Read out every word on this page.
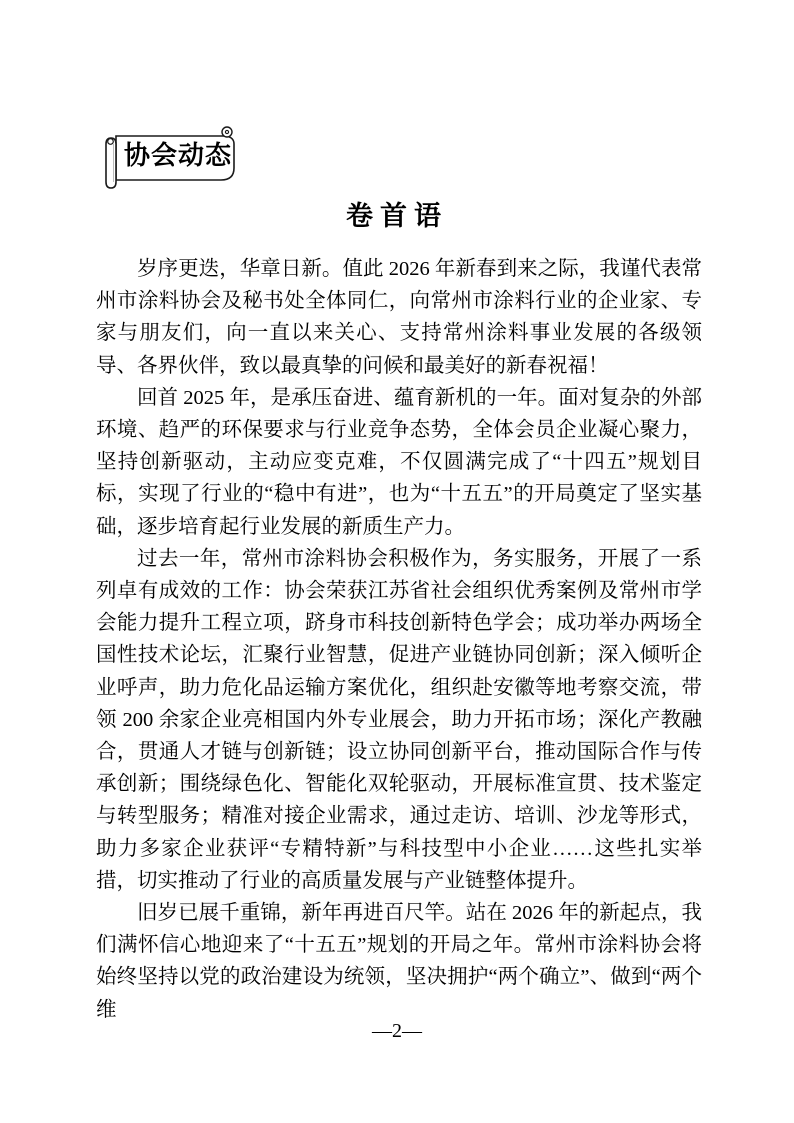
协会动态
卷首语

岁序更迭，华章日新。值此 2026 年新春到来之际，我谨代表常州市涂料协会及秘书处全体同仁，向常州市涂料行业的企业家、专家与朋友们，向一直以来关心、支持常州涂料事业发展的各级领导、各界伙伴，致以最真挚的问候和最美好的新春祝福！

回首 2025 年，是承压奋进、蕴育新机的一年。面对复杂的外部环境、趋严的环保要求与行业竞争态势，全体会员企业凝心聚力，坚持创新驱动，主动应变克难，不仅圆满完成了“十四五”规划目标，实现了行业的“稳中有进”，也为“十五五”的开局奠定了坚实基础，逐步培育起行业发展的新质生产力。

过去一年，常州市涂料协会积极作为，务实服务，开展了一系列卓有成效的工作：协会荣获江苏省社会组织优秀案例及常州市学会能力提升工程立项，跻身市科技创新特色学会；成功举办两场全国性技术论坛，汇聚行业智慧，促进产业链协同创新；深入倾听企业呼声，助力危化品运输方案优化，组织赴安徽等地考察交流，带领 200 余家企业亮相国内外专业展会，助力开拓市场；深化产教融合，贯通人才链与创新链；设立协同创新平台，推动国际合作与传承创新；围绕绿色化、智能化双轮驱动，开展标准宣贯、技术鉴定与转型服务；精准对接企业需求，通过走访、培训、沙龙等形式，助力多家企业获评“专精特新”与科技型中小企业……这些扎实举措，切实推动了行业的高质量发展与产业链整体提升。

旧岁已展千重锦，新年再进百尺竿。站在 2026 年的新起点，我们满怀信心地迎来了“十五五”规划的开局之年。常州市涂料协会将始终坚持以党的政治建设为统领，坚决拥护“两个确立”、做到“两个维

—2—
